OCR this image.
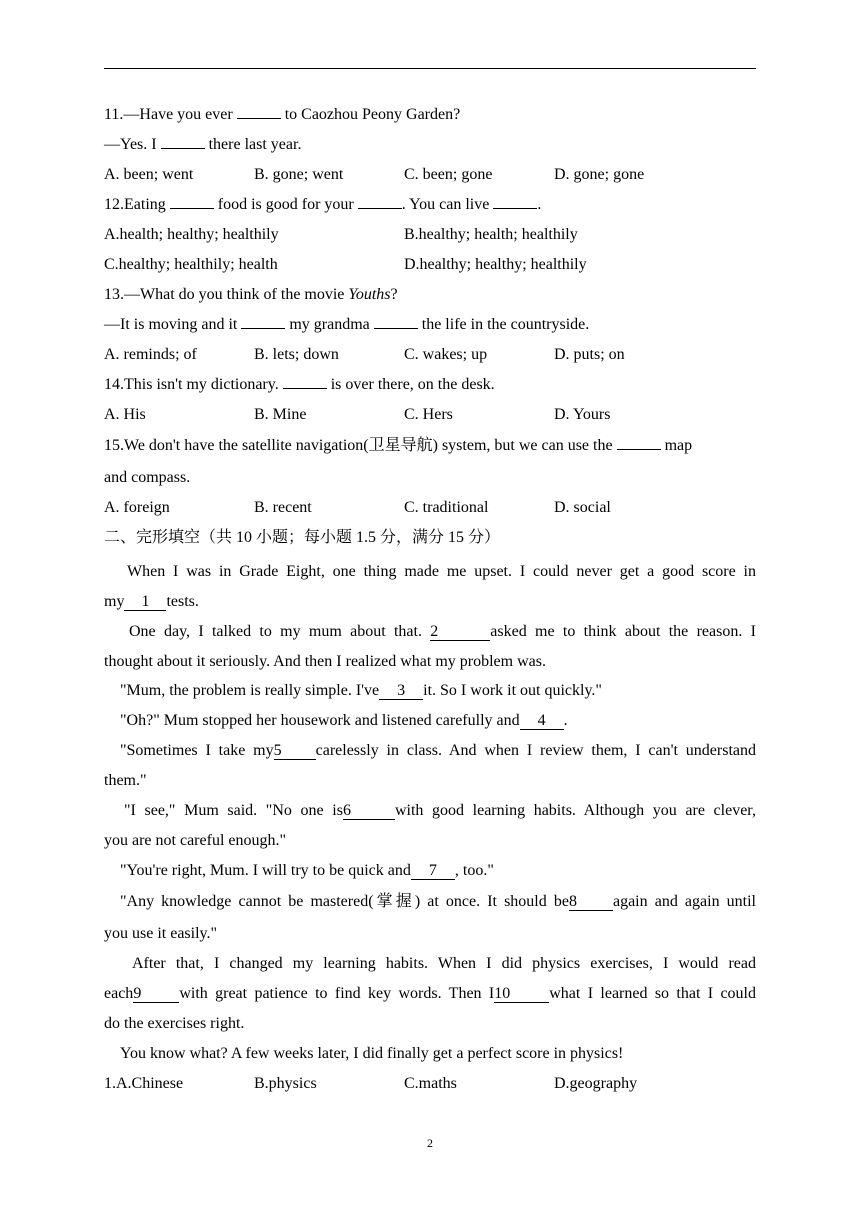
11.—Have you ever	to Caozhou Peony Garden?
—Yes. I	there last year.
A. been; went	B. gone; went	C. been; gone	D. gone; gone
12.Eating	food is good for your	. You can live	.
A.health; healthy; healthily	B.healthy; health; healthily
C.healthy; healthily; health	D.healthy; healthy; healthily
13.—What do you think of the movie Youths?
—It is moving and it	my grandma	the life in the countryside.
A. reminds; of	B. lets; down	C. wakes; up	D. puts; on
14.This isn't my dictionary.	is over there, on the desk.
A. His	B. Mine	C. Hers	D. Yours
15.We don't have the satellite navigation(卫星导航) system, but we can use the	map
and compass.
A. foreign	B. recent	C. traditional	D. social
二、完形填空（共 10 小题；每小题 1.5 分，满分 15 分）
When I was in Grade Eight, one thing made me upset. I could never get a good score in
my 1 tests.
One day, I talked to my mum about that. 2	asked me to think about the reason. I
thought about it seriously. And then I realized what my problem was.
"Mum, the problem is really simple. I've 3 it. So I work it out quickly."
"Oh?" Mum stopped her housework and listened carefully and 4 .
"Sometimes I take my5 carelessly in class. And when I review them, I can't understand
them."
"I see," Mum said. "No one is6	with good learning habits. Although you are clever,
you are not careful enough."
"You're right, Mum. I will try to be quick and 7 , too."
"Any knowledge cannot be mastered(掌握) at once. It should be8 again and again until
you use it easily."
After that, I changed my learning habits. When I did physics exercises, I would read
each9 with great patience to find key words. Then I10 what I learned so that I could
do the exercises right.
You know what? A few weeks later, I did finally get a perfect score in physics!
1.A.Chinese	B.physics	C.maths	D.geography
2
